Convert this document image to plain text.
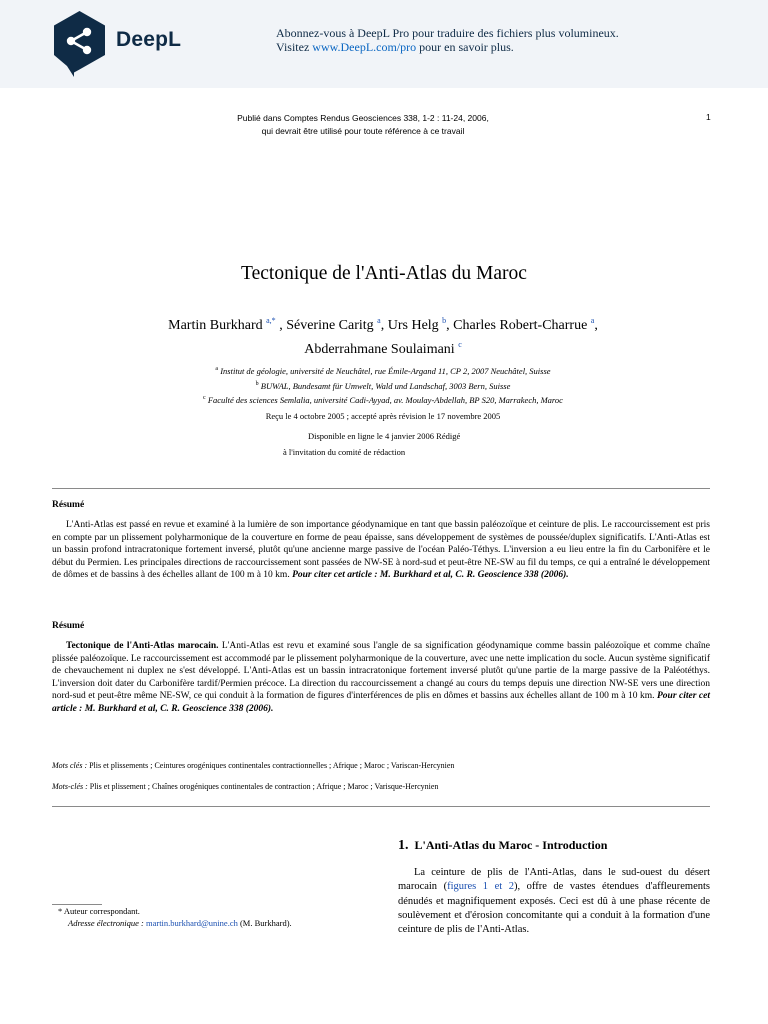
DeepL	Abonnez-vous à DeepL Pro pour traduire des fichiers plus volumineux.
Visitez www.DeepL.com/pro pour en savoir plus.
Publié dans Comptes Rendus Geosciences 338, 1-2 : 11-24, 2006,
qui devrait être utilisé pour toute référence à ce travail
1
Tectonique de l'Anti-Atlas du Maroc
Martin Burkhard $^{a,*}$ , Séverine Caritg $^a$, Urs Helg $^b$, Charles Robert-Charrue $^a$,
Abderrahmane Soulaimani $^c$
$^a$ Institut de géologie, université de Neuchâtel, rue Émile-Argand 11, CP 2, 2007 Neuchâtel, Suisse
$^b$ BUWAL, Bundesamt für Umwelt, Wald und Landschaf, 3003 Bern, Suisse
$^c$ Faculté des sciences Semlalia, université Cadi-Ayyad, av. Moulay-Abdellah, BP S20, Marrakech, Maroc
Reçu le 4 octobre 2005 ; accepté après révision le 17 novembre 2005
Disponible en ligne le 4 janvier 2006 Rédigé
à l'invitation du comité de rédaction
Résumé
L'Anti-Atlas est passé en revue et examiné à la lumière de son importance géodynamique en tant que bassin paléozoïque et ceinture de plis. Le raccourcissement est pris en compte par un plissement polyharmonique de la couverture en forme de peau épaisse, sans développement de systèmes de poussée/duplex significatifs. L'Anti-Atlas est un bassin profond intracratonique fortement inversé, plutôt qu'une ancienne marge passive de l'océan Paléo-Téthys. L'inversion a eu lieu entre la fin du Carbonifère et le début du Permien. Les principales directions de raccourcissement sont passées de NW-SE à nord-sud et peut-être NE-SW au fil du temps, ce qui a entraîné le développement de dômes et de bassins à des échelles allant de 100 m à 10 km. Pour citer cet article : M. Burkhard et al, C. R. Geoscience 338 (2006).
Résumé
Tectonique de l'Anti-Atlas marocain. L'Anti-Atlas est revu et examiné sous l'angle de sa signification géodynamique comme bassin paléozoïque et comme chaîne plissée paléozoïque. Le raccourcissement est accommodé par le plissement polyharmonique de la couverture, avec une nette implication du socle. Aucun système significatif de chevauchement ni duplex ne s'est développé. L'Anti-Atlas est un bassin intracratonique fortement inversé plutôt qu'une partie de la marge passive de la Paléotéthys. L'inversion doit dater du Carbonifère tardif/Permien précoce. La direction du raccourcissement a changé au cours du temps depuis une direction NW-SE vers une direction nord-sud et peut-être même NE-SW, ce qui conduit à la formation de figures d'interférences de plis en dômes et bassins aux échelles allant de 100 m à 10 km. Pour citer cet article : M. Burkhard et al, C. R. Geoscience 338 (2006).
Mots clés : Plis et plissements ; Ceintures orogéniques continentales contractionnelles ; Afrique ; Maroc ; Variscan-Hercynien
Mots-clés : Plis et plissement ; Chaînes orogéniques continentales de contraction ; Afrique ; Maroc ; Varisque-Hercynien
1. L'Anti-Atlas du Maroc - Introduction
La ceinture de plis de l'Anti-Atlas, dans le sud-ouest du désert marocain (figures 1 et 2), offre de vastes étendues d'affleurements dénudés et magnifiquement exposés. Ceci est dû à une phase récente de soulèvement et d'érosion concomitante qui a conduit à la formation d'une ceinture de plis de l'Anti-Atlas.
* Auteur correspondant.
Adresse électronique : martin.burkhard@unine.ch (M. Burkhard).
